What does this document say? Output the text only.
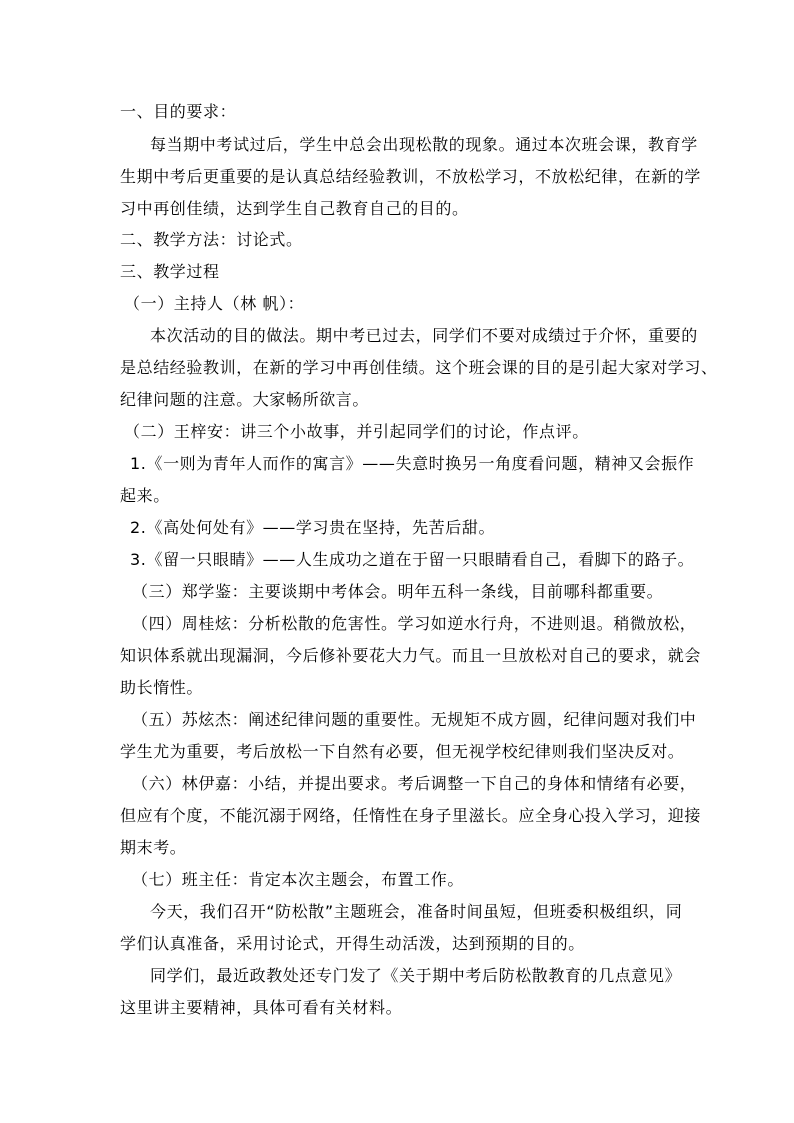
一、目的要求：
每当期中考试过后，学生中总会出现松散的现象。通过本次班会课，教育学
生期中考后更重要的是认真总结经验教训，不放松学习，不放松纪律，在新的学
习中再创佳绩，达到学生自己教育自己的目的。
二、教学方法：讨论式。
三、教学过程
（一）主持人（林 帆）：
本次活动的目的做法。期中考已过去，同学们不要对成绩过于介怀，重要的
是总结经验教训，在新的学习中再创佳绩。这个班会课的目的是引起大家对学习、
纪律问题的注意。大家畅所欲言。
（二）王梓安：讲三个小故事，并引起同学们的讨论，作点评。
1.《一则为青年人而作的寓言》——失意时换另一角度看问题，精神又会振作
起来。
2.《高处何处有》——学习贵在坚持，先苦后甜。
3.《留一只眼睛》——人生成功之道在于留一只眼睛看自己，看脚下的路子。
（三）郑学鉴：主要谈期中考体会。明年五科一条线，目前哪科都重要。
（四）周桂炫：分析松散的危害性。学习如逆水行舟，不进则退。稍微放松，
知识体系就出现漏洞，今后修补要花大力气。而且一旦放松对自己的要求，就会
助长惰性。
（五）苏炫杰：阐述纪律问题的重要性。无规矩不成方圆，纪律问题对我们中
学生尤为重要，考后放松一下自然有必要，但无视学校纪律则我们坚决反对。
（六）林伊嘉：小结，并提出要求。考后调整一下自己的身体和情绪有必要，
但应有个度，不能沉溺于网络，任惰性在身子里滋长。应全身心投入学习，迎接
期末考。
（七）班主任：肯定本次主题会，布置工作。
今天，我们召开“防松散”主题班会，准备时间虽短，但班委积极组织，同
学们认真准备，采用讨论式，开得生动活泼，达到预期的目的。
同学们，最近政教处还专门发了《关于期中考后防松散教育的几点意见》
这里讲主要精神，具体可看有关材料。
